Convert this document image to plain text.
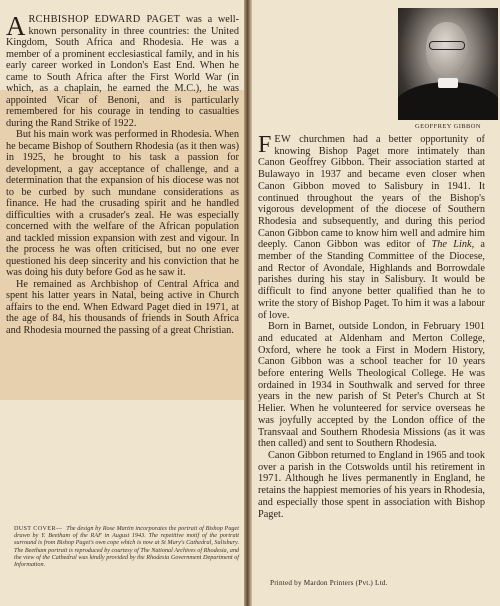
ARCHBISHOP EDWARD PAGET was a well-known personality in three countries: the United Kingdom, South Africa and Rhodesia. He was a member of a prominent ecclesiastical family, and in his early career worked in London's East End. When he came to South Africa after the First World War (in which, as a chaplain, he earned the M.C.), he was appointed Vicar of Benoni, and is particularly remembered for his courage in tending to casualties during the Rand Strike of 1922.

But his main work was performed in Rhodesia. When he became Bishop of Southern Rhodesia (as it then was) in 1925, he brought to his task a passion for development, a gay acceptance of challenge, and a determination that the expansion of his diocese was not to be curbed by such mundane considerations as finance. He had the crusading spirit and he handled difficulties with a crusader's zeal. He was especially concerned with the welfare of the African population and tackled mission expansion with zest and vigour. In the process he was often criticised, but no one ever questioned his deep sincerity and his conviction that he was doing his duty before God as he saw it.

He remained as Archbishop of Central Africa and spent his latter years in Natal, being active in Church affairs to the end. When Edward Paget died in 1971, at the age of 84, his thousands of friends in South Africa and Rhodesia mourned the passing of a great Christian.

DUST COVER— The design by Rose Martin incorporates the portrait of Bishop Paget drawn by Y. Beetham of the RAF in August 1943. The repetitive motif of the portrait surround is from Bishop Paget's own cope which is now at St Mary's Cathedral, Salisbury. The Beetham portrait is reproduced by courtesy of The National Archives of Rhodesia, and the view of the Cathedral was kindly provided by the Rhodesia Government Department of Information.
GEOFFREY GIBBON

FEW churchmen had a better opportunity of knowing Bishop Paget more intimately than Canon Geoffrey Gibbon. Their association started at Bulawayo in 1937 and became even closer when Canon Gibbon moved to Salisbury in 1941. It continued throughout the years of the Bishop's vigorous development of the diocese of Southern Rhodesia and subsequently, and during this period Canon Gibbon came to know him well and admire him deeply. Canon Gibbon was editor of The Link, a member of the Standing Committee of the Diocese, and Rector of Avondale, Highlands and Borrowdale parishes during his stay in Salisbury. It would be difficult to find anyone better qualified than he to write the story of Bishop Paget. To him it was a labour of love.

Born in Barnet, outside London, in February 1901 and educated at Aldenham and Merton College, Oxford, where he took a First in Modern History, Canon Gibbon was a school teacher for 10 years before entering Wells Theological College. He was ordained in 1934 in Southwalk and served for three years in the new parish of St Peter's Church at St Helier. When he volunteered for service overseas he was joyfully accepted by the London office of the Transvaal and Southern Rhodesia Missions (as it was then called) and sent to Southern Rhodesia.

Canon Gibbon returned to England in 1965 and took over a parish in the Cotswolds until his retirement in 1971. Although he lives permanently in England, he retains the happiest memories of his years in Rhodesia, and especially those spent in association with Bishop Paget.

Printed by Mardon Printers (Pvt.) Ltd.
